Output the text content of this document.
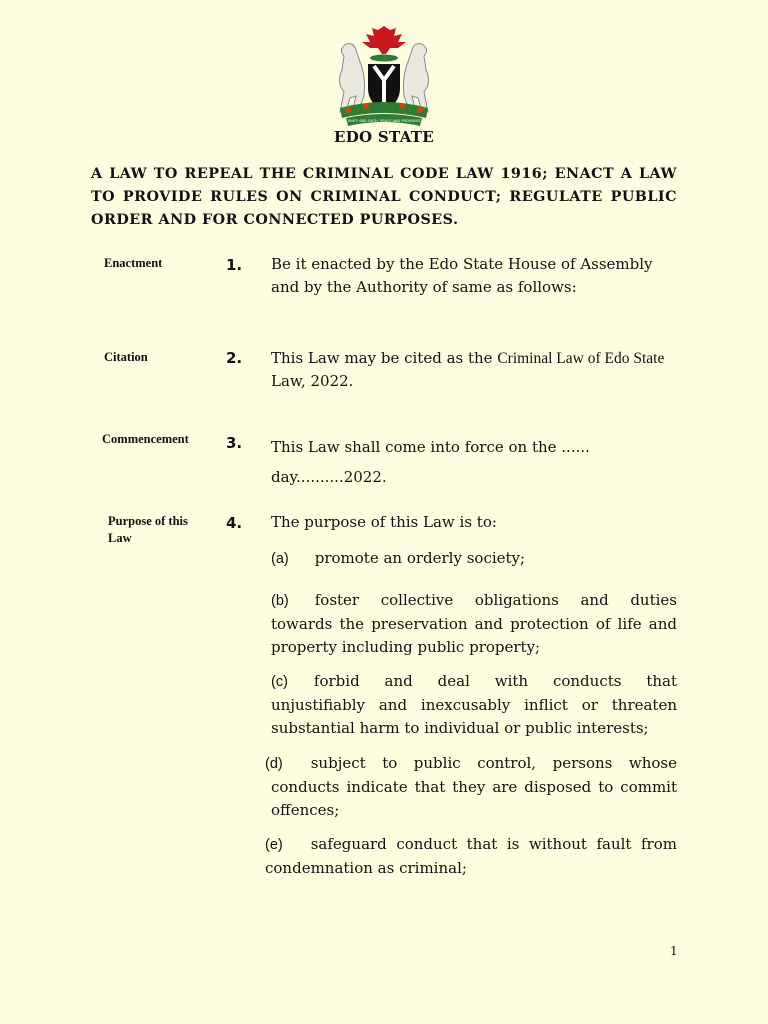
UNITY AND FAITH, PEACE AND PROGRESS
EDO STATE
A LAW TO REPEAL THE CRIMINAL CODE LAW 1916; ENACT A LAW
TO PROVIDE RULES ON CRIMINAL CONDUCT; REGULATE PUBLIC
ORDER AND FOR CONNECTED PURPOSES.
Enactment	1. Be it enacted by the Edo State House of Assembly
and by the Authority of same as follows:
Citation	2. This Law may be cited as the Criminal Law of Edo State
Law, 2022.
Commencement 3. This Law shall come into force on the ......
day..........2022.
Purpose of this
Law
4. The purpose of this Law is to:
(a) promote an orderly society;
(b) foster collective obligations and duties
towards the preservation and protection of life and
property including public property;
(c) forbid and deal with conducts that
unjustifiably and inexcusably inflict or threaten
substantial harm to individual or public interests;
(d) subject to public control, persons whose
conducts indicate that they are disposed to commit
offences;
(e) safeguard conduct that is without fault from
condemnation as criminal;
1
